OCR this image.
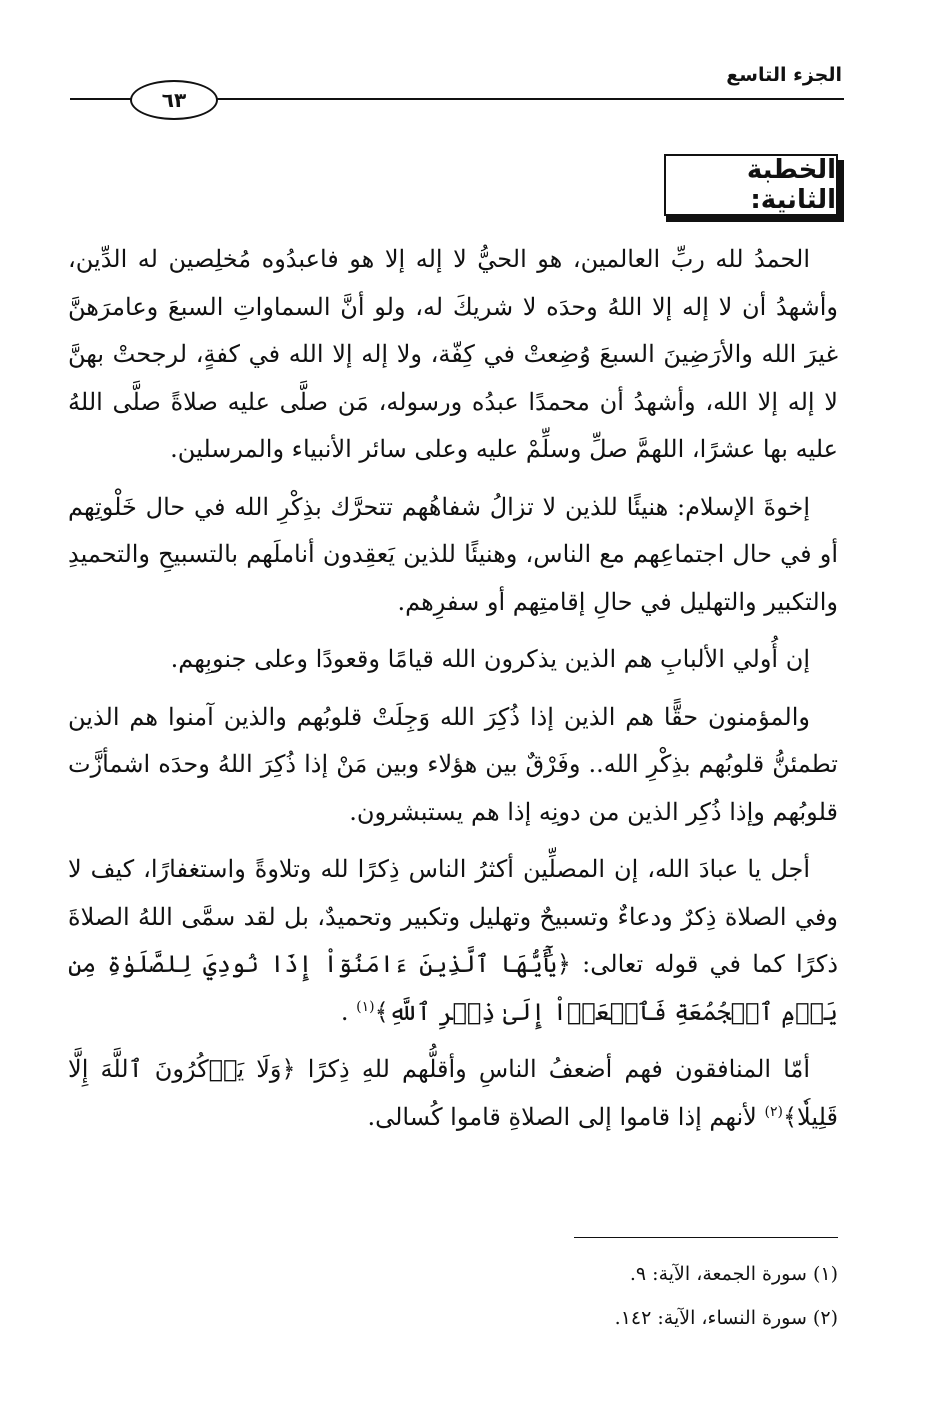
الجزء التاسع
٦٣
الخطبة الثانية:

الحمدُ لله ربِّ العالمين، هو الحيُّ لا إله إلا هو فاعبدُوه مُخلِصين له الدِّين، وأشهدُ أن لا إله إلا اللهُ وحدَه لا شريكَ له، ولو أنَّ السماواتِ السبعَ وعامرَهنَّ غيرَ الله والأرَضِينَ السبعَ وُضِعتْ في كِفّة، ولا إله إلا الله في كفةٍ، لرجحتْ بهنَّ لا إله إلا الله، وأشهدُ أن محمدًا عبدُه ورسوله، مَن صلَّى عليه صلاةً صلَّى اللهُ عليه بها عشرًا، اللهمَّ صلِّ وسلِّمْ عليه وعلى سائر الأنبياء والمرسلين.

إخوةَ الإسلام: هنيئًا للذين لا تزالُ شفاهُهم تتحرَّك بذِكْرِ الله في حال خَلْوتِهم أو في حال اجتماعِهم مع الناس، وهنيئًا للذين يَعقِدون أناملَهم بالتسبيحِ والتحميدِ والتكبير والتهليل في حالِ إقامتِهم أو سفرِهم.

إن أُولي الألبابِ هم الذين يذكرون الله قيامًا وقعودًا وعلى جنوبِهم.

والمؤمنون حقًّا هم الذين إذا ذُكِرَ الله وَجِلَتْ قلوبُهم والذين آمنوا هم الذين تطمئنُّ قلوبُهم بذِكْرِ الله.. وفَرْقٌ بين هؤلاء وبين مَنْ إذا ذُكِرَ اللهُ وحدَه اشمأزَّت قلوبُهم وإذا ذُكِر الذين من دونِه إذا هم يستبشرون.

أجل يا عبادَ الله، إن المصلِّين أكثرُ الناس ذِكرًا لله وتلاوةً واستغفارًا، كيف لا وفي الصلاة ذِكرٌ ودعاءٌ وتسبيحٌ وتهليل وتكبير وتحميدٌ، بل لقد سمَّى اللهُ الصلاةَ ذكرًا كما في قوله تعالى: ﴿يَٰٓأَيُّهَا ٱلَّذِينَ ءَامَنُوٓاْ إِذَا نُودِيَ لِلصَّلَوٰةِ مِن يَوۡمِ ٱلۡجُمُعَةِ فَٱسۡعَوۡاْ إِلَىٰ ذِكۡرِ ٱللَّهِ﴾$^{(١)}$ .

أمّا المنافقون فهم أضعفُ الناسِ وأقلُّهم للهِ ذِكرًا ﴿وَلَا يَذۡكُرُونَ ٱللَّهَ إِلَّا قَلِيلٗا﴾$^{(٢)}$ لأنهم إذا قاموا إلى الصلاةِ قاموا كُسالى.

(١) سورة الجمعة، الآية: ٩.
(٢) سورة النساء، الآية: ١٤٢.
